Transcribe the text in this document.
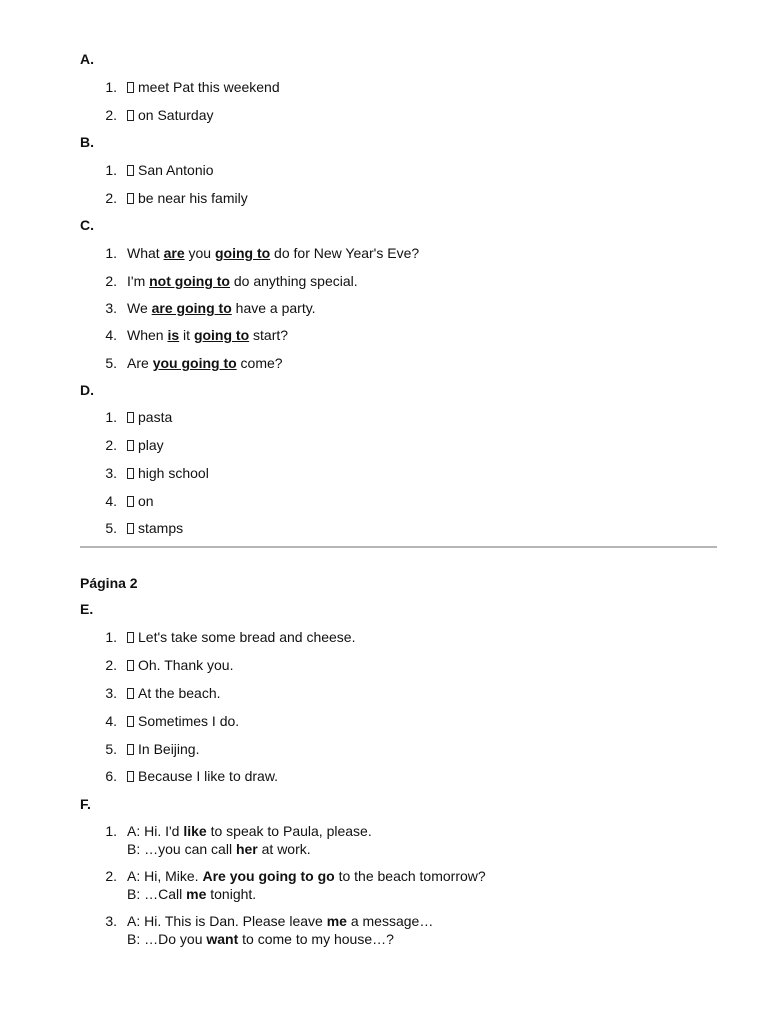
A.
1.	meet Pat this weekend
2.	on Saturday
B.
1.	San Antonio
2.	be near his family
C.
1. What are you going to do for New Year's Eve?
2. I'm not going to do anything special.
3. We are going to have a party.
4. When is it going to start?
5. Are you going to come?
D.
1.	pasta
2.	play
3.	high school
4.	on
5.	stamps
Página 2
E.
1.	Let's take some bread and cheese.
2.	Oh. Thank you.
3.	At the beach.
4.	Sometimes I do.
5.	In Beijing.
6.	Because I like to draw.
F.
1. A: Hi. I'd like to speak to Paula, please.
B: …you can call her at work.
2. A: Hi, Mike. Are you going to go to the beach tomorrow?
B: …Call me tonight.
3. A: Hi. This is Dan. Please leave me a message…
B: …Do you want to come to my house…?
